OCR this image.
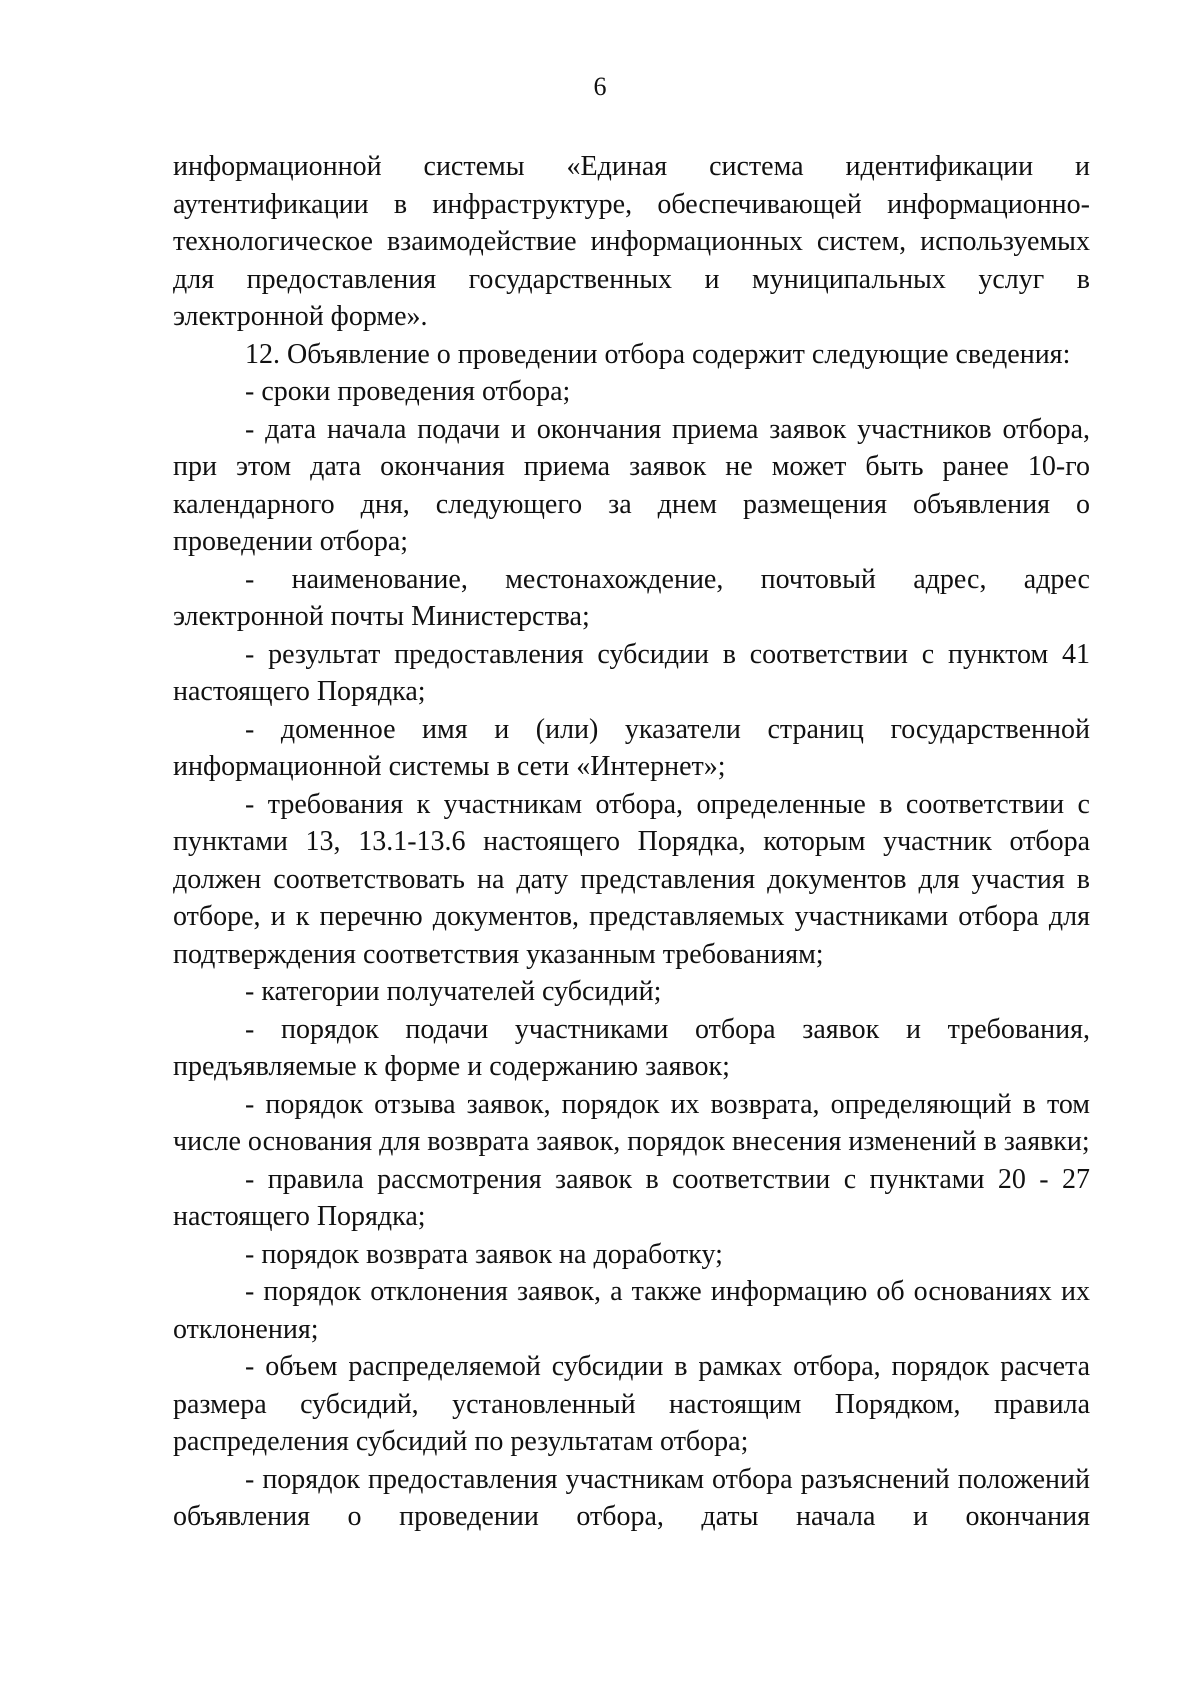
6

информационной системы «Единая система идентификации и аутентификации в инфраструктуре, обеспечивающей информационно-технологическое взаимодействие информационных систем, используемых для предоставления государственных и муниципальных услуг в электронной форме».

12. Объявление о проведении отбора содержит следующие сведения:

- сроки проведения отбора;

- дата начала подачи и окончания приема заявок участников отбора, при этом дата окончания приема заявок не может быть ранее 10-го календарного дня, следующего за днем размещения объявления о проведении отбора;

- наименование, местонахождение, почтовый адрес, адрес электронной почты Министерства;

- результат предоставления субсидии в соответствии с пунктом 41 настоящего Порядка;

- доменное имя и (или) указатели страниц государственной информационной системы в сети «Интернет»;

- требования к участникам отбора, определенные в соответствии с пунктами 13, 13.1-13.6 настоящего Порядка, которым участник отбора должен соответствовать на дату представления документов для участия в отборе, и к перечню документов, представляемых участниками отбора для подтверждения соответствия указанным требованиям;

- категории получателей субсидий;

- порядок подачи участниками отбора заявок и требования, предъявляемые к форме и содержанию заявок;

- порядок отзыва заявок, порядок их возврата, определяющий в том числе основания для возврата заявок, порядок внесения изменений в заявки;

- правила рассмотрения заявок в соответствии с пунктами 20 - 27 настоящего Порядка;

- порядок возврата заявок на доработку;

- порядок отклонения заявок, а также информацию об основаниях их отклонения;

- объем распределяемой субсидии в рамках отбора, порядок расчета размера субсидий, установленный настоящим Порядком, правила распределения субсидий по результатам отбора;

- порядок предоставления участникам отбора разъяснений положений объявления о проведении отбора, даты начала и окончания
